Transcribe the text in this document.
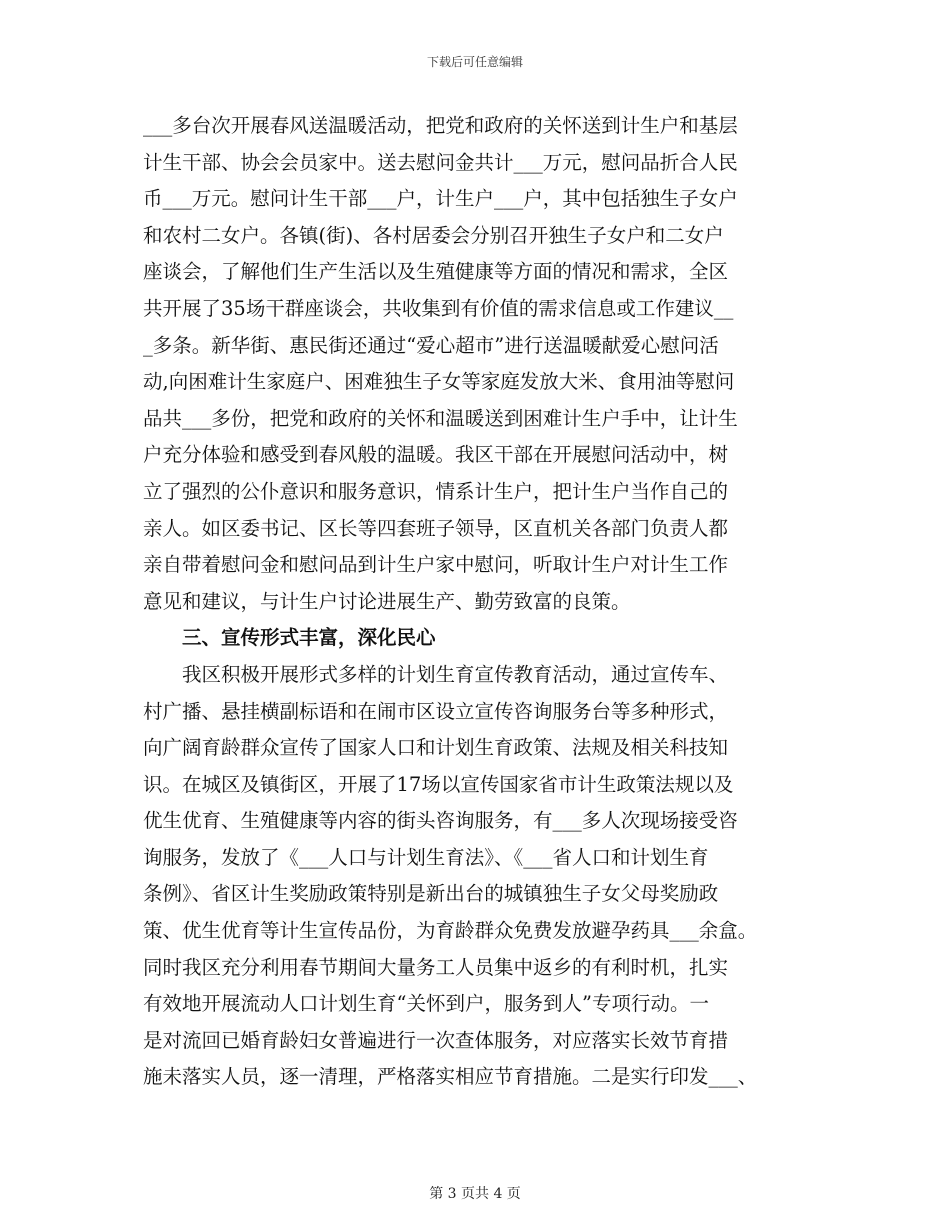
下载后可任意编辑
___多台次开展春风送温暖活动，把党和政府的关怀送到计生户和基层
计生干部、协会会员家中。送去慰问金共计___万元，慰问品折合人民
币___万元。慰问计生干部___户，计生户___户，其中包括独生子女户
和农村二女户。各镇(街)、各村居委会分别召开独生子女户和二女户
座谈会，了解他们生产生活以及生殖健康等方面的情况和需求，全区
共开展了35场干群座谈会，共收集到有价值的需求信息或工作建议__
_多条。新华街、惠民街还通过“爱心超市”进行送温暖献爱心慰问活
动,向困难计生家庭户、困难独生子女等家庭发放大米、食用油等慰问
品共___多份，把党和政府的关怀和温暖送到困难计生户手中，让计生
户充分体验和感受到春风般的温暖。我区干部在开展慰问活动中，树
立了强烈的公仆意识和服务意识，情系计生户，把计生户当作自己的
亲人。如区委书记、区长等四套班子领导，区直机关各部门负责人都
亲自带着慰问金和慰问品到计生户家中慰问，听取计生户对计生工作
意见和建议，与计生户讨论进展生产、勤劳致富的良策。
三、宣传形式丰富，深化民心
我区积极开展形式多样的计划生育宣传教育活动，通过宣传车、
村广播、悬挂横副标语和在闹市区设立宣传咨询服务台等多种形式，
向广阔育龄群众宣传了国家人口和计划生育政策、法规及相关科技知
识。在城区及镇街区，开展了17场以宣传国家省市计生政策法规以及
优生优育、生殖健康等内容的街头咨询服务，有___多人次现场接受咨
询服务，发放了《___人口与计划生育法》、《___省人口和计划生育
条例》、省区计生奖励政策特别是新出台的城镇独生子女父母奖励政
策、优生优育等计生宣传品份，为育龄群众免费发放避孕药具___余盒。
同时我区充分利用春节期间大量务工人员集中返乡的有利时机，扎实
有效地开展流动人口计划生育“关怀到户，服务到人”专项行动。一
是对流回已婚育龄妇女普遍进行一次查体服务，对应落实长效节育措
施未落实人员，逐一清理，严格落实相应节育措施。二是实行印发___、
第 3 页共 4 页
